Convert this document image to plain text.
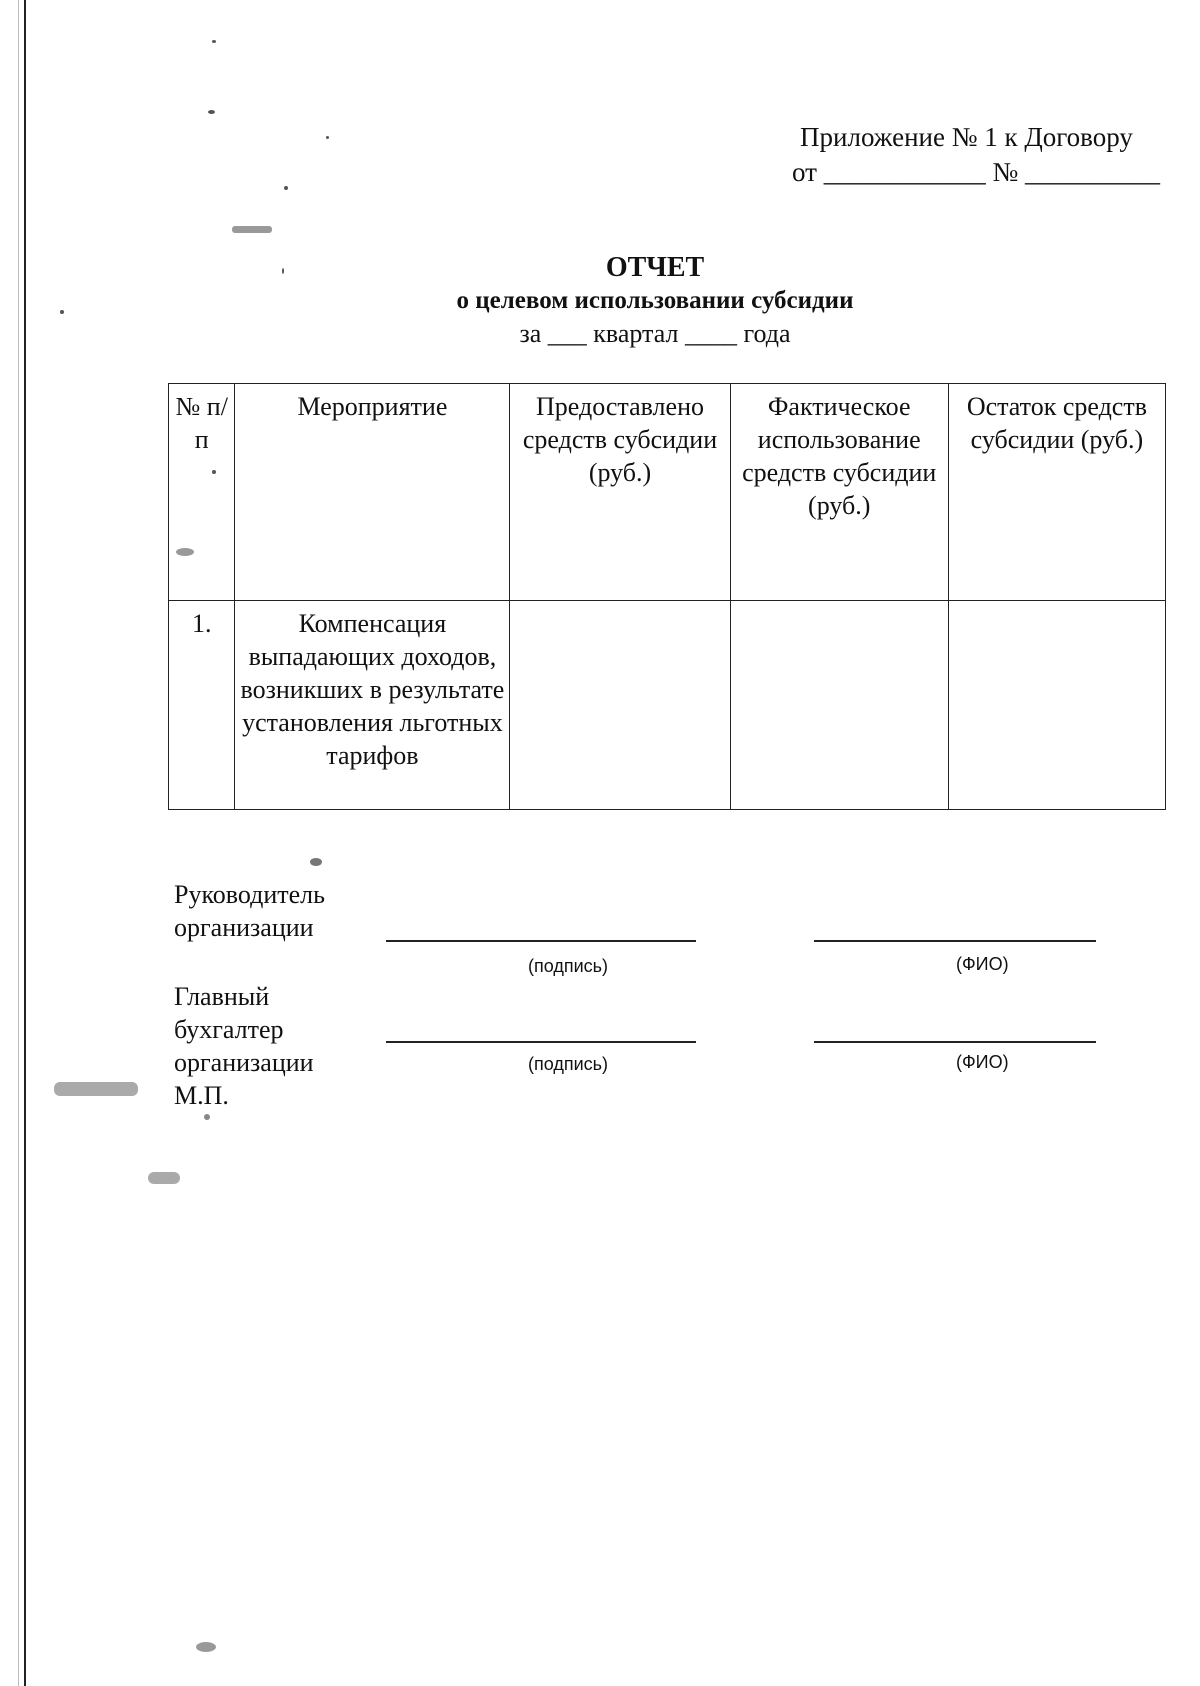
Приложение № 1 к Договору
от ____________ № __________
ОТЧЕТ
о целевом использовании субсидии
за ___ квартал ____ года
№ п/п	Мероприятие	Предоставлено средств субсидии (руб.)	Фактическое использование средств субсидии (руб.)	Остаток средств субсидии (руб.)
1.	Компенсация выпадающих доходов, возникших в результате установления льготных тарифов			
Руководитель организации
(подпись)	(ФИО)
Главный бухгалтер организации	(подпись)	(ФИО)
М.П.
